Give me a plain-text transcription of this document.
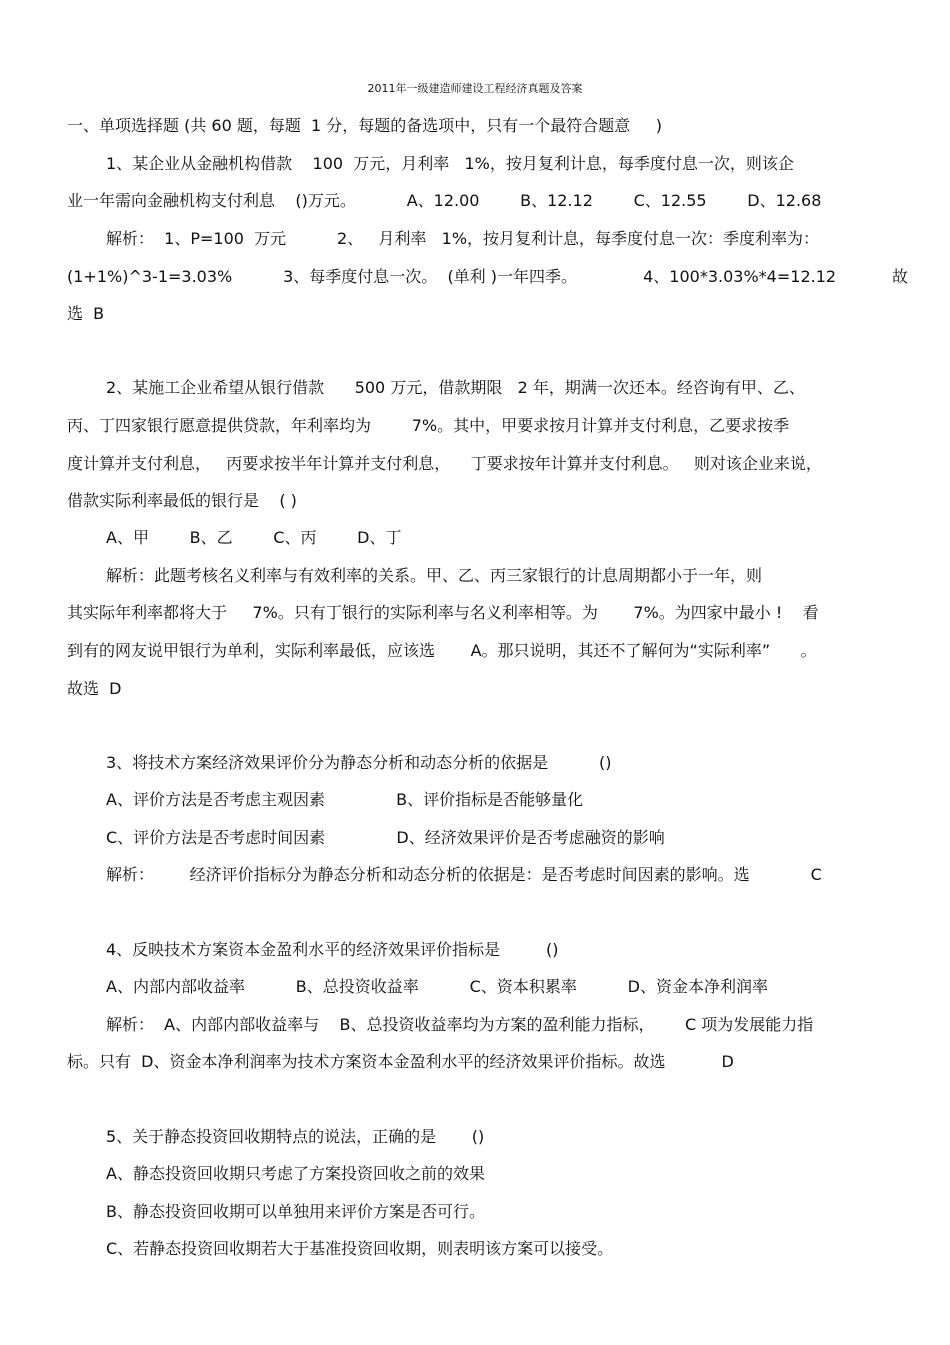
2011年一级建造师建设工程经济真题及答案
一、单项选择题 (共 60 题，每题  1 分，每题的备选项中，只有一个最符合题意     )
1、某企业从金融机构借款    100  万元，月利率   1%，按月复利计息，每季度付息一次，则该企
业一年需向金融机构支付利息    ()万元。          A、12.00        B、12.12        C、12.55        D、12.68
解析：  1、P=100  万元          2、   月利率   1%，按月复利计息，每季度付息一次：季度利率为：
(1+1%)^3-1=3.03%          3、每季度付息一次。  (单利 )一年四季。             4、100*3.03%*4=12.12           故
选  B
2、某施工企业希望从银行借款      500 万元，借款期限   2 年，期满一次还本。经咨询有甲、乙、
丙、丁四家银行愿意提供贷款，年利率均为        7%。其中，甲要求按月计算并支付利息，乙要求按季
度计算并支付利息，   丙要求按半年计算并支付利息，    丁要求按年计算并支付利息。   则对该企业来说，
借款实际利率最低的银行是    ( )
A、甲        B、乙        C、丙        D、丁
解析：此题考核名义利率与有效利率的关系。甲、乙、丙三家银行的计息周期都小于一年，则
其实际年利率都将大于     7%。只有丁银行的实际利率与名义利率相等。为       7%。为四家中最小 !    看
到有的网友说甲银行为单利，实际利率最低，应该选       A。那只说明，其还不了解何为“实际利率”      。
故选  D
3、将技术方案经济效果评价分为静态分析和动态分析的依据是          ()
A、评价方法是否考虑主观因素              B、评价指标是否能够量化
C、评价方法是否考虑时间因素              D、经济效果评价是否考虑融资的影响
解析：       经济评价指标分为静态分析和动态分析的依据是：是否考虑时间因素的影响。选            C
4、反映技术方案资本金盈利水平的经济效果评价指标是         ()
A、内部内部收益率          B、总投资收益率          C、资本积累率          D、资金本净利润率
解析：  A、内部内部收益率与    B、总投资收益率均为方案的盈利能力指标，      C 项为发展能力指
标。只有  D、资金本净利润率为技术方案资本金盈利水平的经济效果评价指标。故选           D
5、关于静态投资回收期特点的说法，正确的是       ()
A、静态投资回收期只考虑了方案投资回收之前的效果
B、静态投资回收期可以单独用来评价方案是否可行。
C、若静态投资回收期若大于基准投资回收期，则表明该方案可以接受。
